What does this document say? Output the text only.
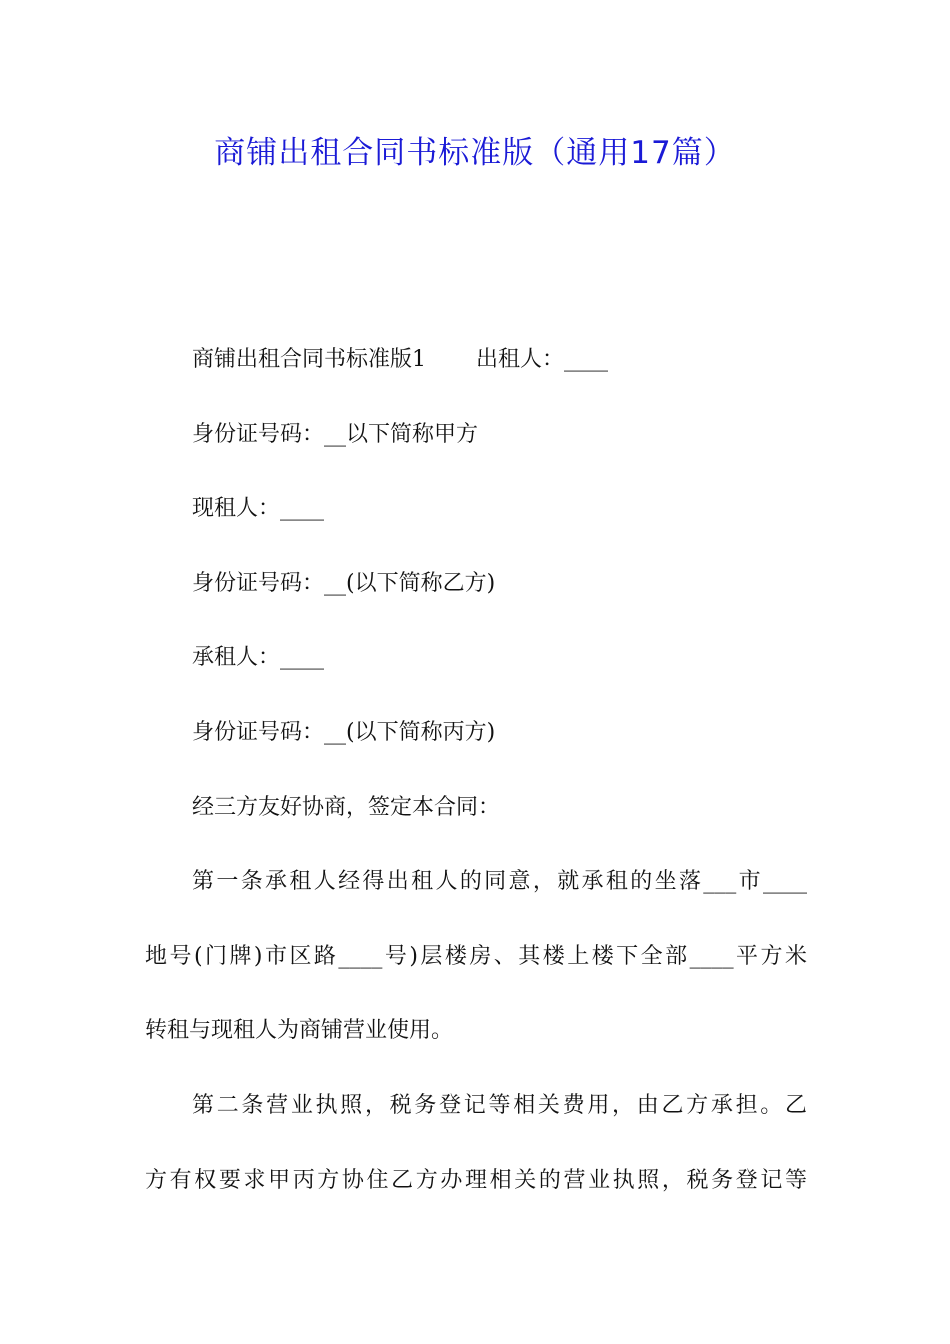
商铺出租合同书标准版（通用17篇）

商铺出租合同书标准版1 出租人：____

身份证号码：__以下简称甲方

现租人：____

身份证号码：__(以下简称乙方)

承租人：____

身份证号码：__(以下简称丙方)

经三方友好协商，签定本合同：

第一条承租人经得出租人的同意，就承租的坐落___市____

地号(门牌)市区路____号)层楼房、其楼上楼下全部____平方米

转租与现租人为商铺营业使用。

第二条营业执照，税务登记等相关费用，由乙方承担。乙

方有权要求甲丙方协住乙方办理相关的营业执照，税务登记等
